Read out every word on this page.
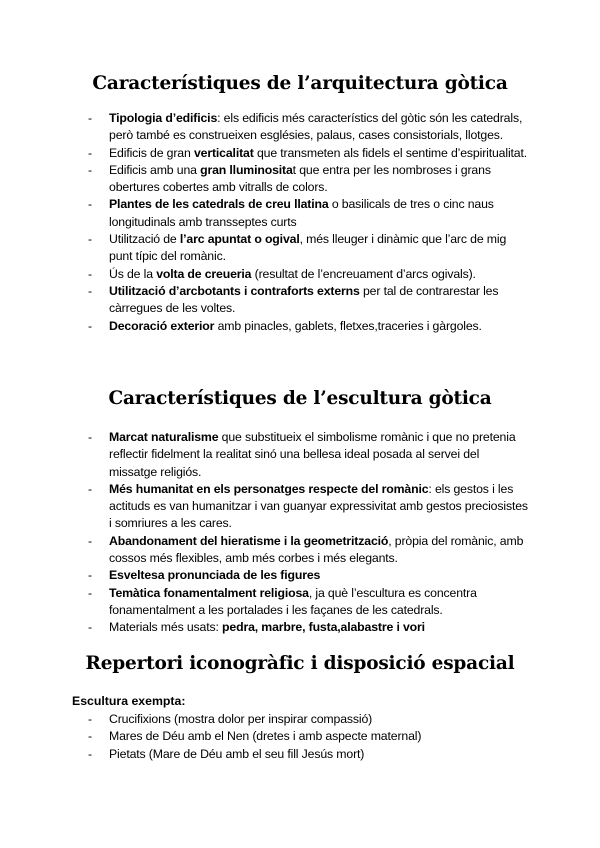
Característiques de l’arquitectura gòtica
- Tipologia d’edificis: els edificis més característics del gòtic són les catedrals, però també es construeixen esglésies, palaus, cases consistorials, llotges.
- Edificis de gran verticalitat que transmeten als fidels el sentime d’espiritualitat.
- Edificis amb una gran lluminositat que entra per les nombroses i grans obertures cobertes amb vitralls de colors.
- Plantes de les catedrals de creu llatina o basilicals de tres o cinc naus longitudinals amb transseptes curts
- Utilització de l’arc apuntat o ogival, més lleuger i dinàmic que l’arc de mig punt típic del romànic.
- Ús de la volta de creueria (resultat de l’encreuament d’arcs ogivals).
- Utilització d’arcbotants i contraforts externs per tal de contrarestar les càrregues de les voltes.
- Decoració exterior amb pinacles, gablets, fletxes,traceries i gàrgoles.
Característiques de l’escultura gòtica
- Marcat naturalisme que substitueix el simbolisme romànic i que no pretenia reflectir fidelment la realitat sinó una bellesa ideal posada al servei del missatge religiós.
- Més humanitat en els personatges respecte del romànic: els gestos i les actituds es van humanitzar i van guanyar expressivitat amb gestos preciosistes i somriures a les cares.
- Abandonament del hieratisme i la geometrització, pròpia del romànic, amb cossos més flexibles, amb més corbes i més elegants.
- Esveltesa pronunciada de les figures
- Temàtica fonamentalment religiosa, ja què l’escultura es concentra fonamentalment a les portalades i les façanes de les catedrals.
- Materials més usats: pedra, marbre, fusta,alabastre i vori
Repertori iconogràfic i disposició espacial

Escultura exempta:

- Crucifixions (mostra dolor per inspirar compassió)
- Mares de Déu amb el Nen (dretes i amb aspecte maternal)
- Pietats (Mare de Déu amb el seu fill Jesús mort)
